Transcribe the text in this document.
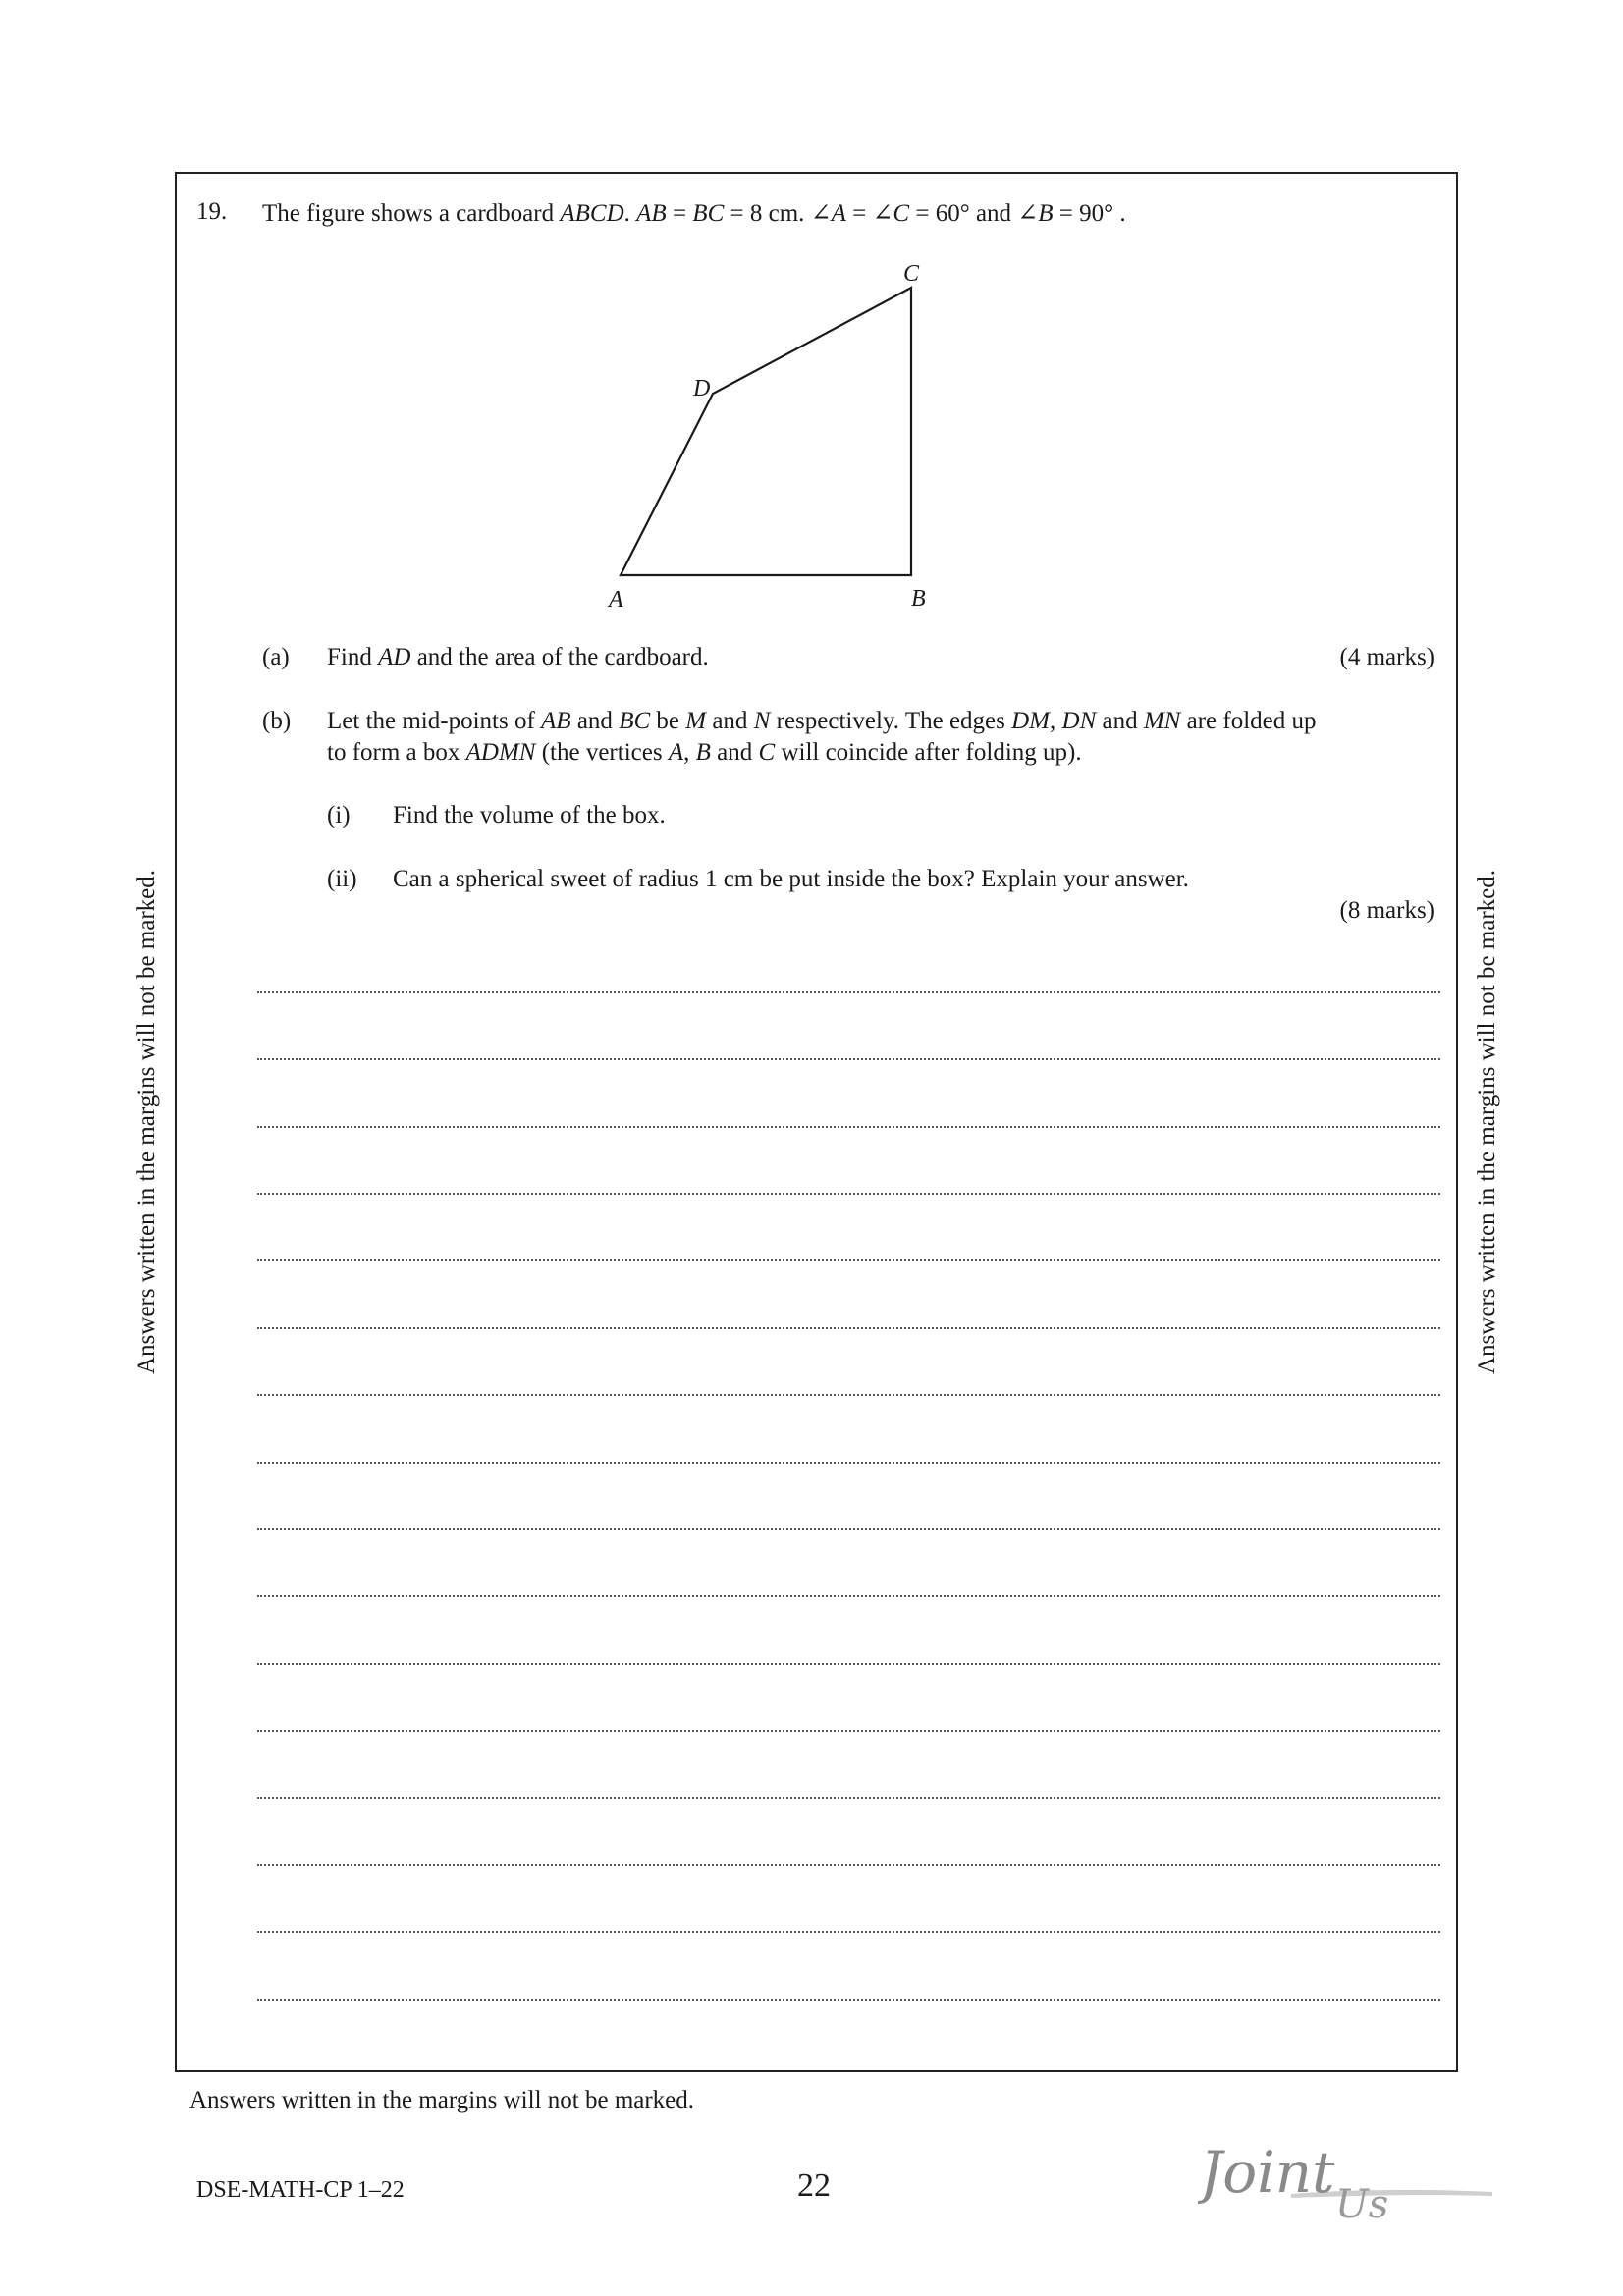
19. The figure shows a cardboard ABCD. AB = BC = 8 cm. ∠A = ∠C = 60° and ∠B = 90° .
A	B
C
D
(a) Find AD and the area of the cardboard.	(4 marks)
(b) Let the mid-points of AB and BC be M and N respectively. The edges DM, DN and MN are folded up
to form a box ADMN (the vertices A, B and C will coincide after folding up).
(i) Find the volume of the box.
(ii) Can a spherical sweet of radius 1 cm be put inside the box? Explain your answer.
(8 marks)
Answers written in the margins will not be marked.	Answers written in the margins will not be marked.
Answers written in the margins will not be marked.
DSE-MATH-CP 1–22	22	Joint Us
